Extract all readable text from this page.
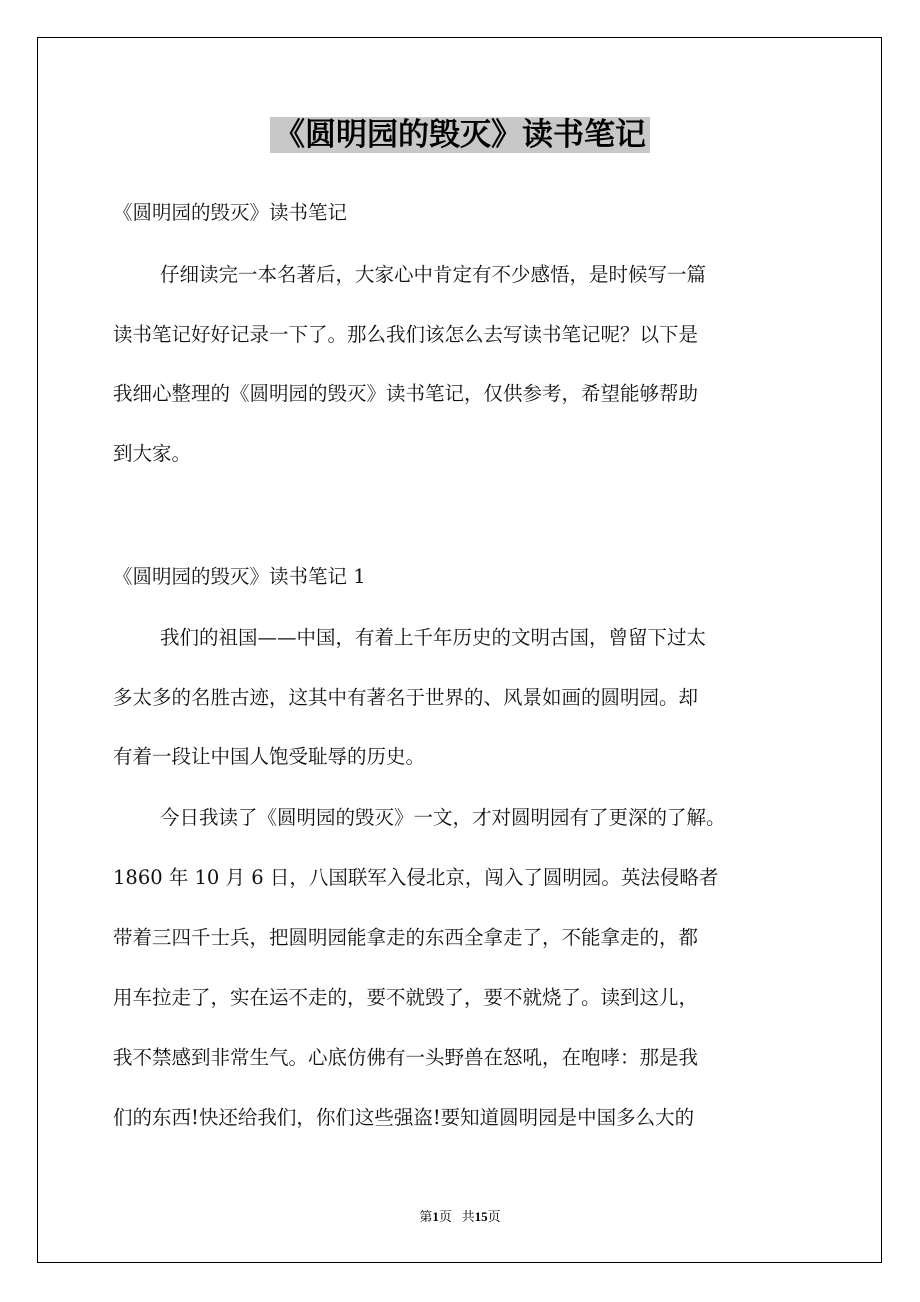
《圆明园的毁灭》读书笔记
《圆明园的毁灭》读书笔记
仔细读完一本名著后，大家心中肯定有不少感悟，是时候写一篇
读书笔记好好记录一下了。那么我们该怎么去写读书笔记呢？以下是
我细心整理的《圆明园的毁灭》读书笔记，仅供参考，希望能够帮助
到大家。
《圆明园的毁灭》读书笔记 1
我们的祖国——中国，有着上千年历史的文明古国，曾留下过太
多太多的名胜古迹，这其中有著名于世界的、风景如画的圆明园。却
有着一段让中国人饱受耻辱的历史。
今日我读了《圆明园的毁灭》一文，才对圆明园有了更深的了解。
1860 年 10 月 6 日，八国联军入侵北京，闯入了圆明园。英法侵略者
带着三四千士兵，把圆明园能拿走的东西全拿走了，不能拿走的，都
用车拉走了，实在运不走的，要不就毁了，要不就烧了。读到这儿，
我不禁感到非常生气。心底仿佛有一头野兽在怒吼，在咆哮：那是我
们的东西!快还给我们，你们这些强盗!要知道圆明园是中国多么大的
第1页 共15页
